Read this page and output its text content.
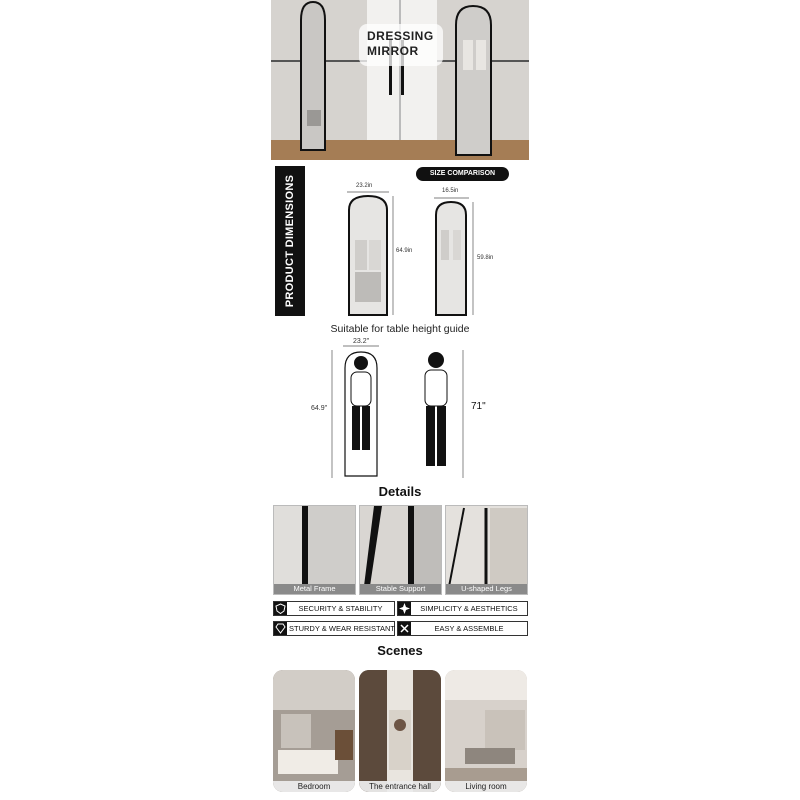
DRESSING
MIRROR
PRODUCT DIMENSIONS
SIZE COMPARISON
23.2in
64.9in
16.5in
59.8in
Suitable for table height guide
23.2"
64.9"	71"
Details
Metal Frame	Stable Support	U-shaped Legs
SECURITY & STABILITY	SIMPLICITY & AESTHETICS
STURDY & WEAR RESISTANT	EASY & ASSEMBLE
Scenes
Bedroom	The entrance hall	Living room
